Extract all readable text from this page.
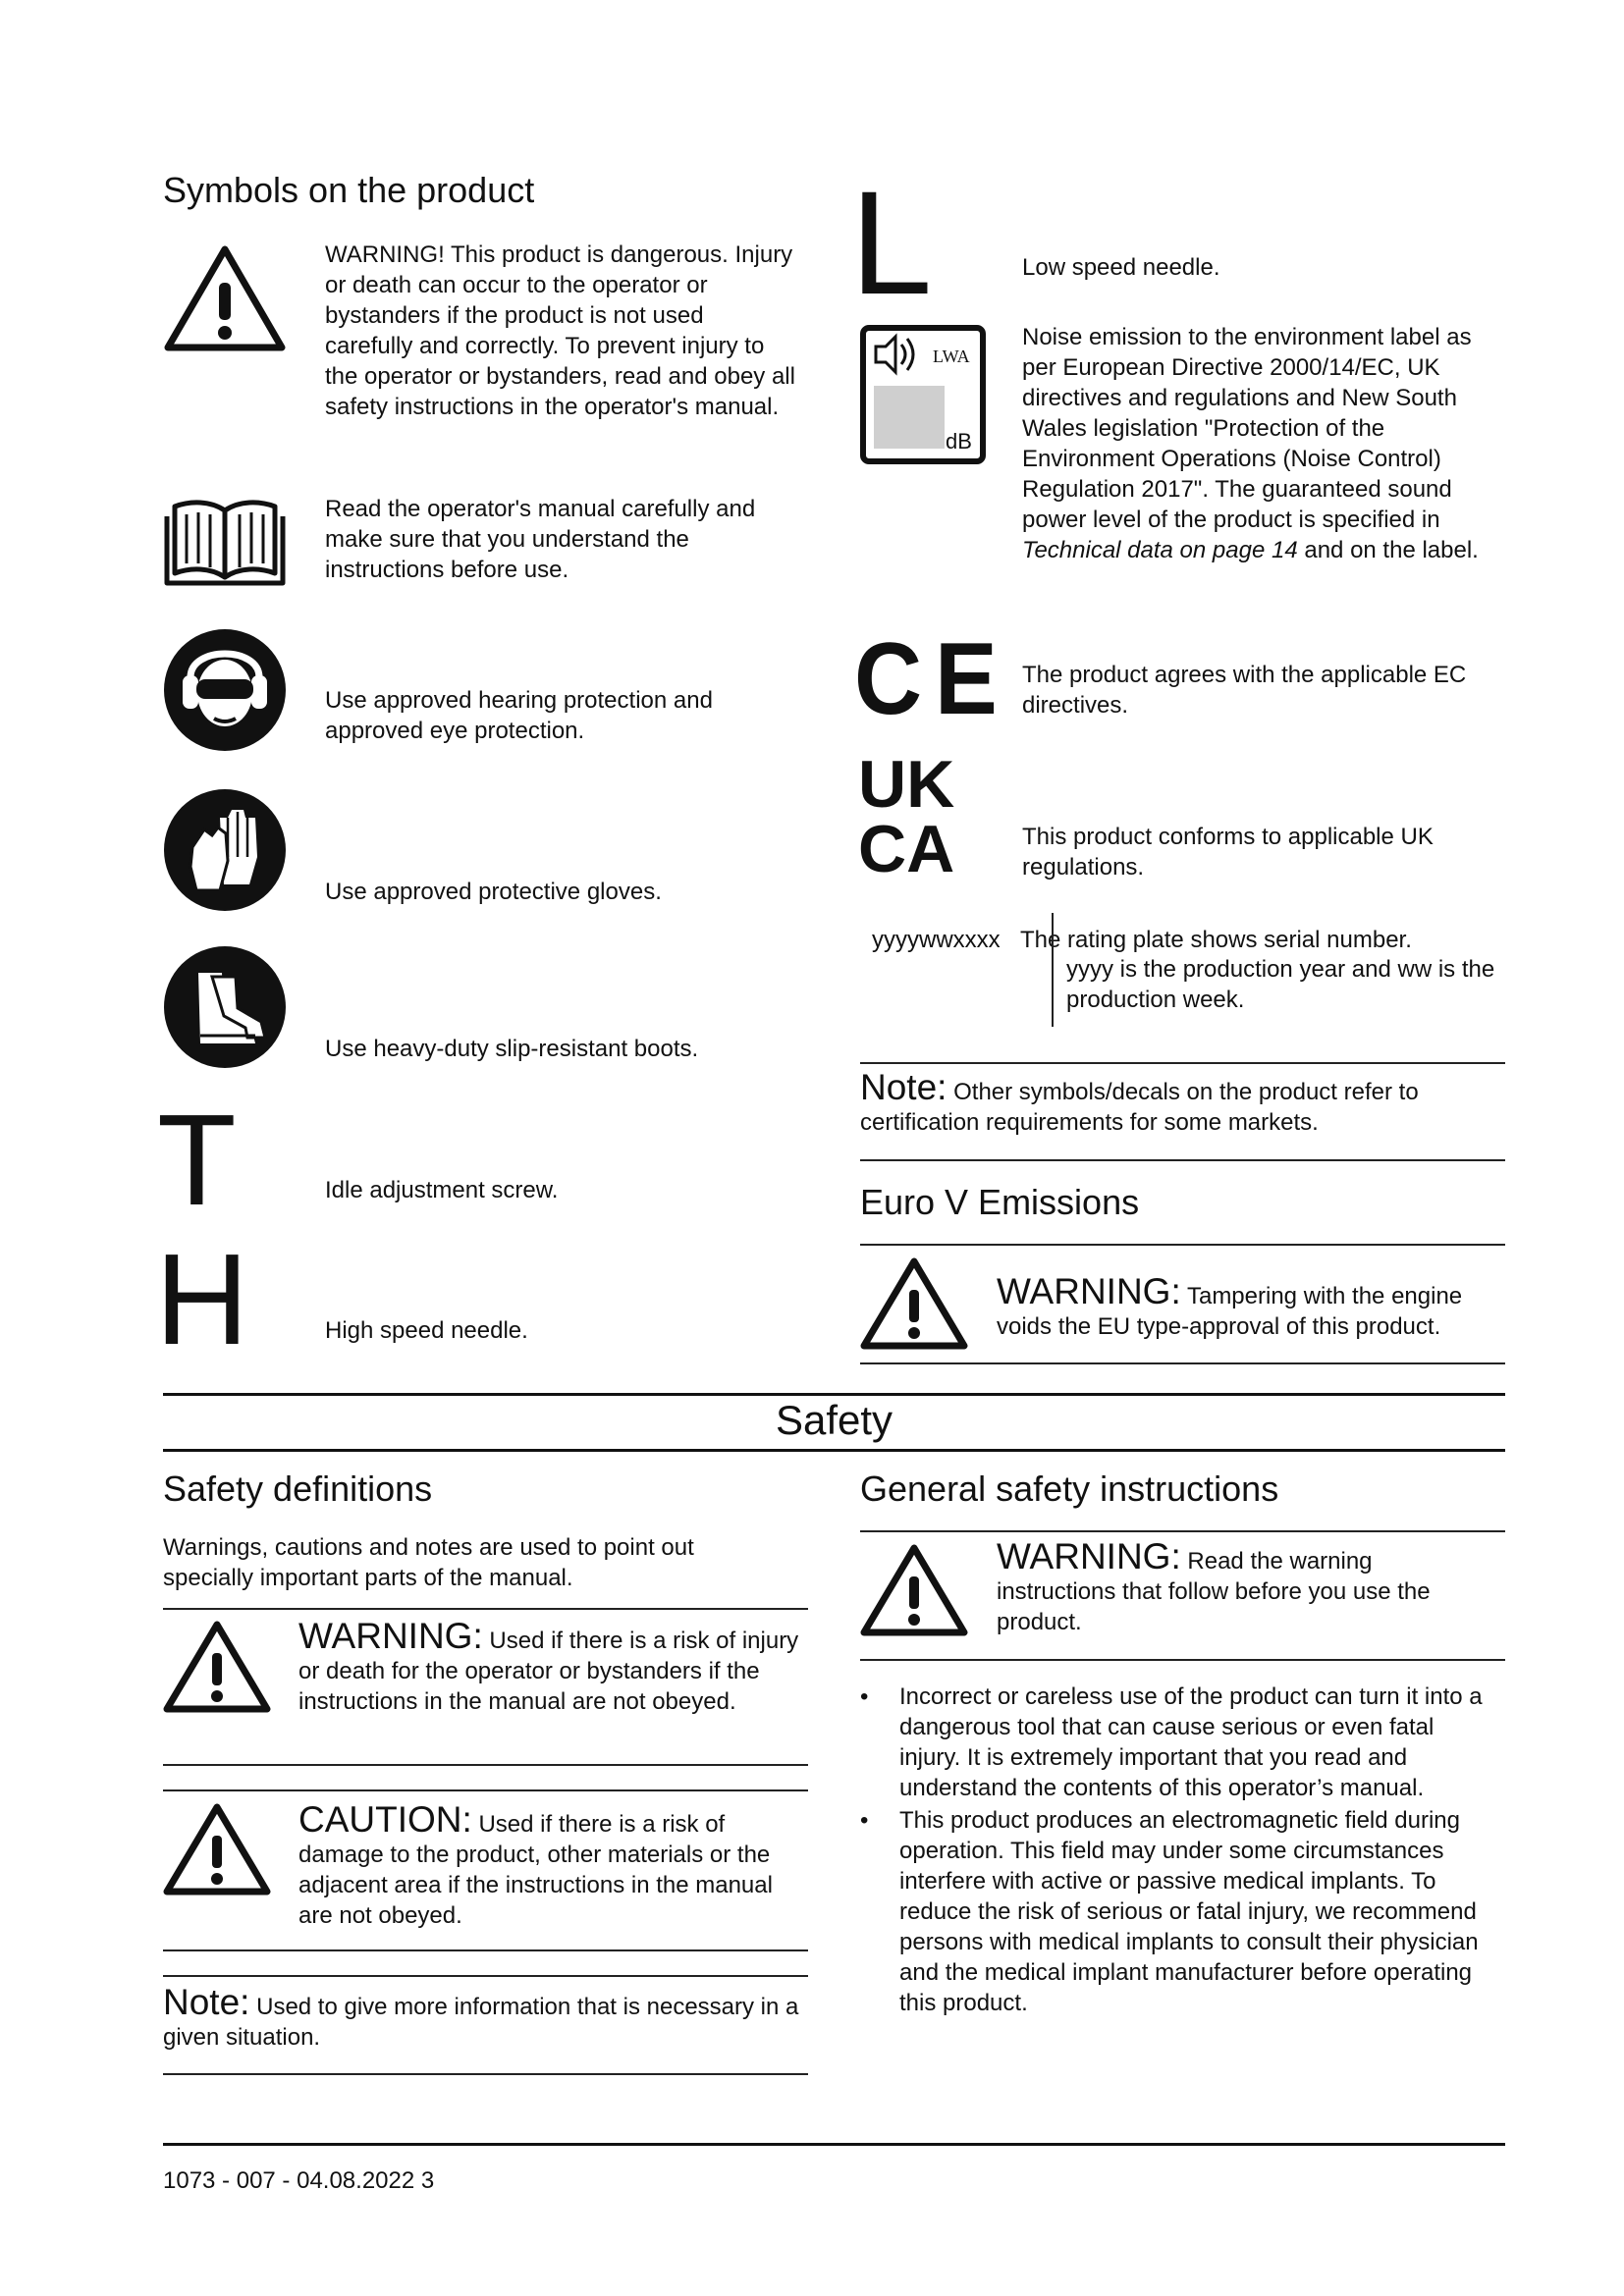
Symbols on the product
WARNING! This product is dangerous. Injury or death can occur to the operator or bystanders if the product is not used carefully and correctly. To prevent injury to the operator or bystanders, read and obey all safety instructions in the operator's manual.
Read the operator's manual carefully and make sure that you understand the instructions before use.
Use approved hearing protection and approved eye protection.
Use approved protective gloves.
Use heavy-duty slip-resistant boots.
T	Idle adjustment screw.
H	High speed needle.
L	Low speed needle.
LWA
dB
Noise emission to the environment label as per European Directive 2000/14/EC, UK directives and regulations and New South Wales legislation "Protection of the Environment Operations (Noise Control) Regulation 2017". The guaranteed sound power level of the product is specified in Technical data on page 14 and on the label.
CE The product agrees with the applicable EC directives.
UK
CA	This product conforms to applicable UK regulations.
yyyywwxxxx The rating plate shows serial number.
yyyy is the production year and ww is the production week.
Note: Other symbols/decals on the product refer to certification requirements for some markets.
Euro V Emissions
WARNING: Tampering with the engine voids the EU type-approval of this product.
Safety
Safety definitions
Warnings, cautions and notes are used to point out specially important parts of the manual.
WARNING: Used if there is a risk of injury or death for the operator or bystanders if the instructions in the manual are not obeyed.
CAUTION: Used if there is a risk of damage to the product, other materials or the adjacent area if the instructions in the manual are not obeyed.
Note: Used to give more information that is necessary in a given situation.
General safety instructions
WARNING: Read the warning instructions that follow before you use the product.
• Incorrect or careless use of the product can turn it into a dangerous tool that can cause serious or even fatal injury. It is extremely important that you read and understand the contents of this operator’s manual.
• This product produces an electromagnetic field during operation. This field may under some circumstances interfere with active or passive medical implants. To reduce the risk of serious or fatal injury, we recommend persons with medical implants to consult their physician and the medical implant manufacturer before operating this product.
1073 - 007 - 04.08.2022 3
